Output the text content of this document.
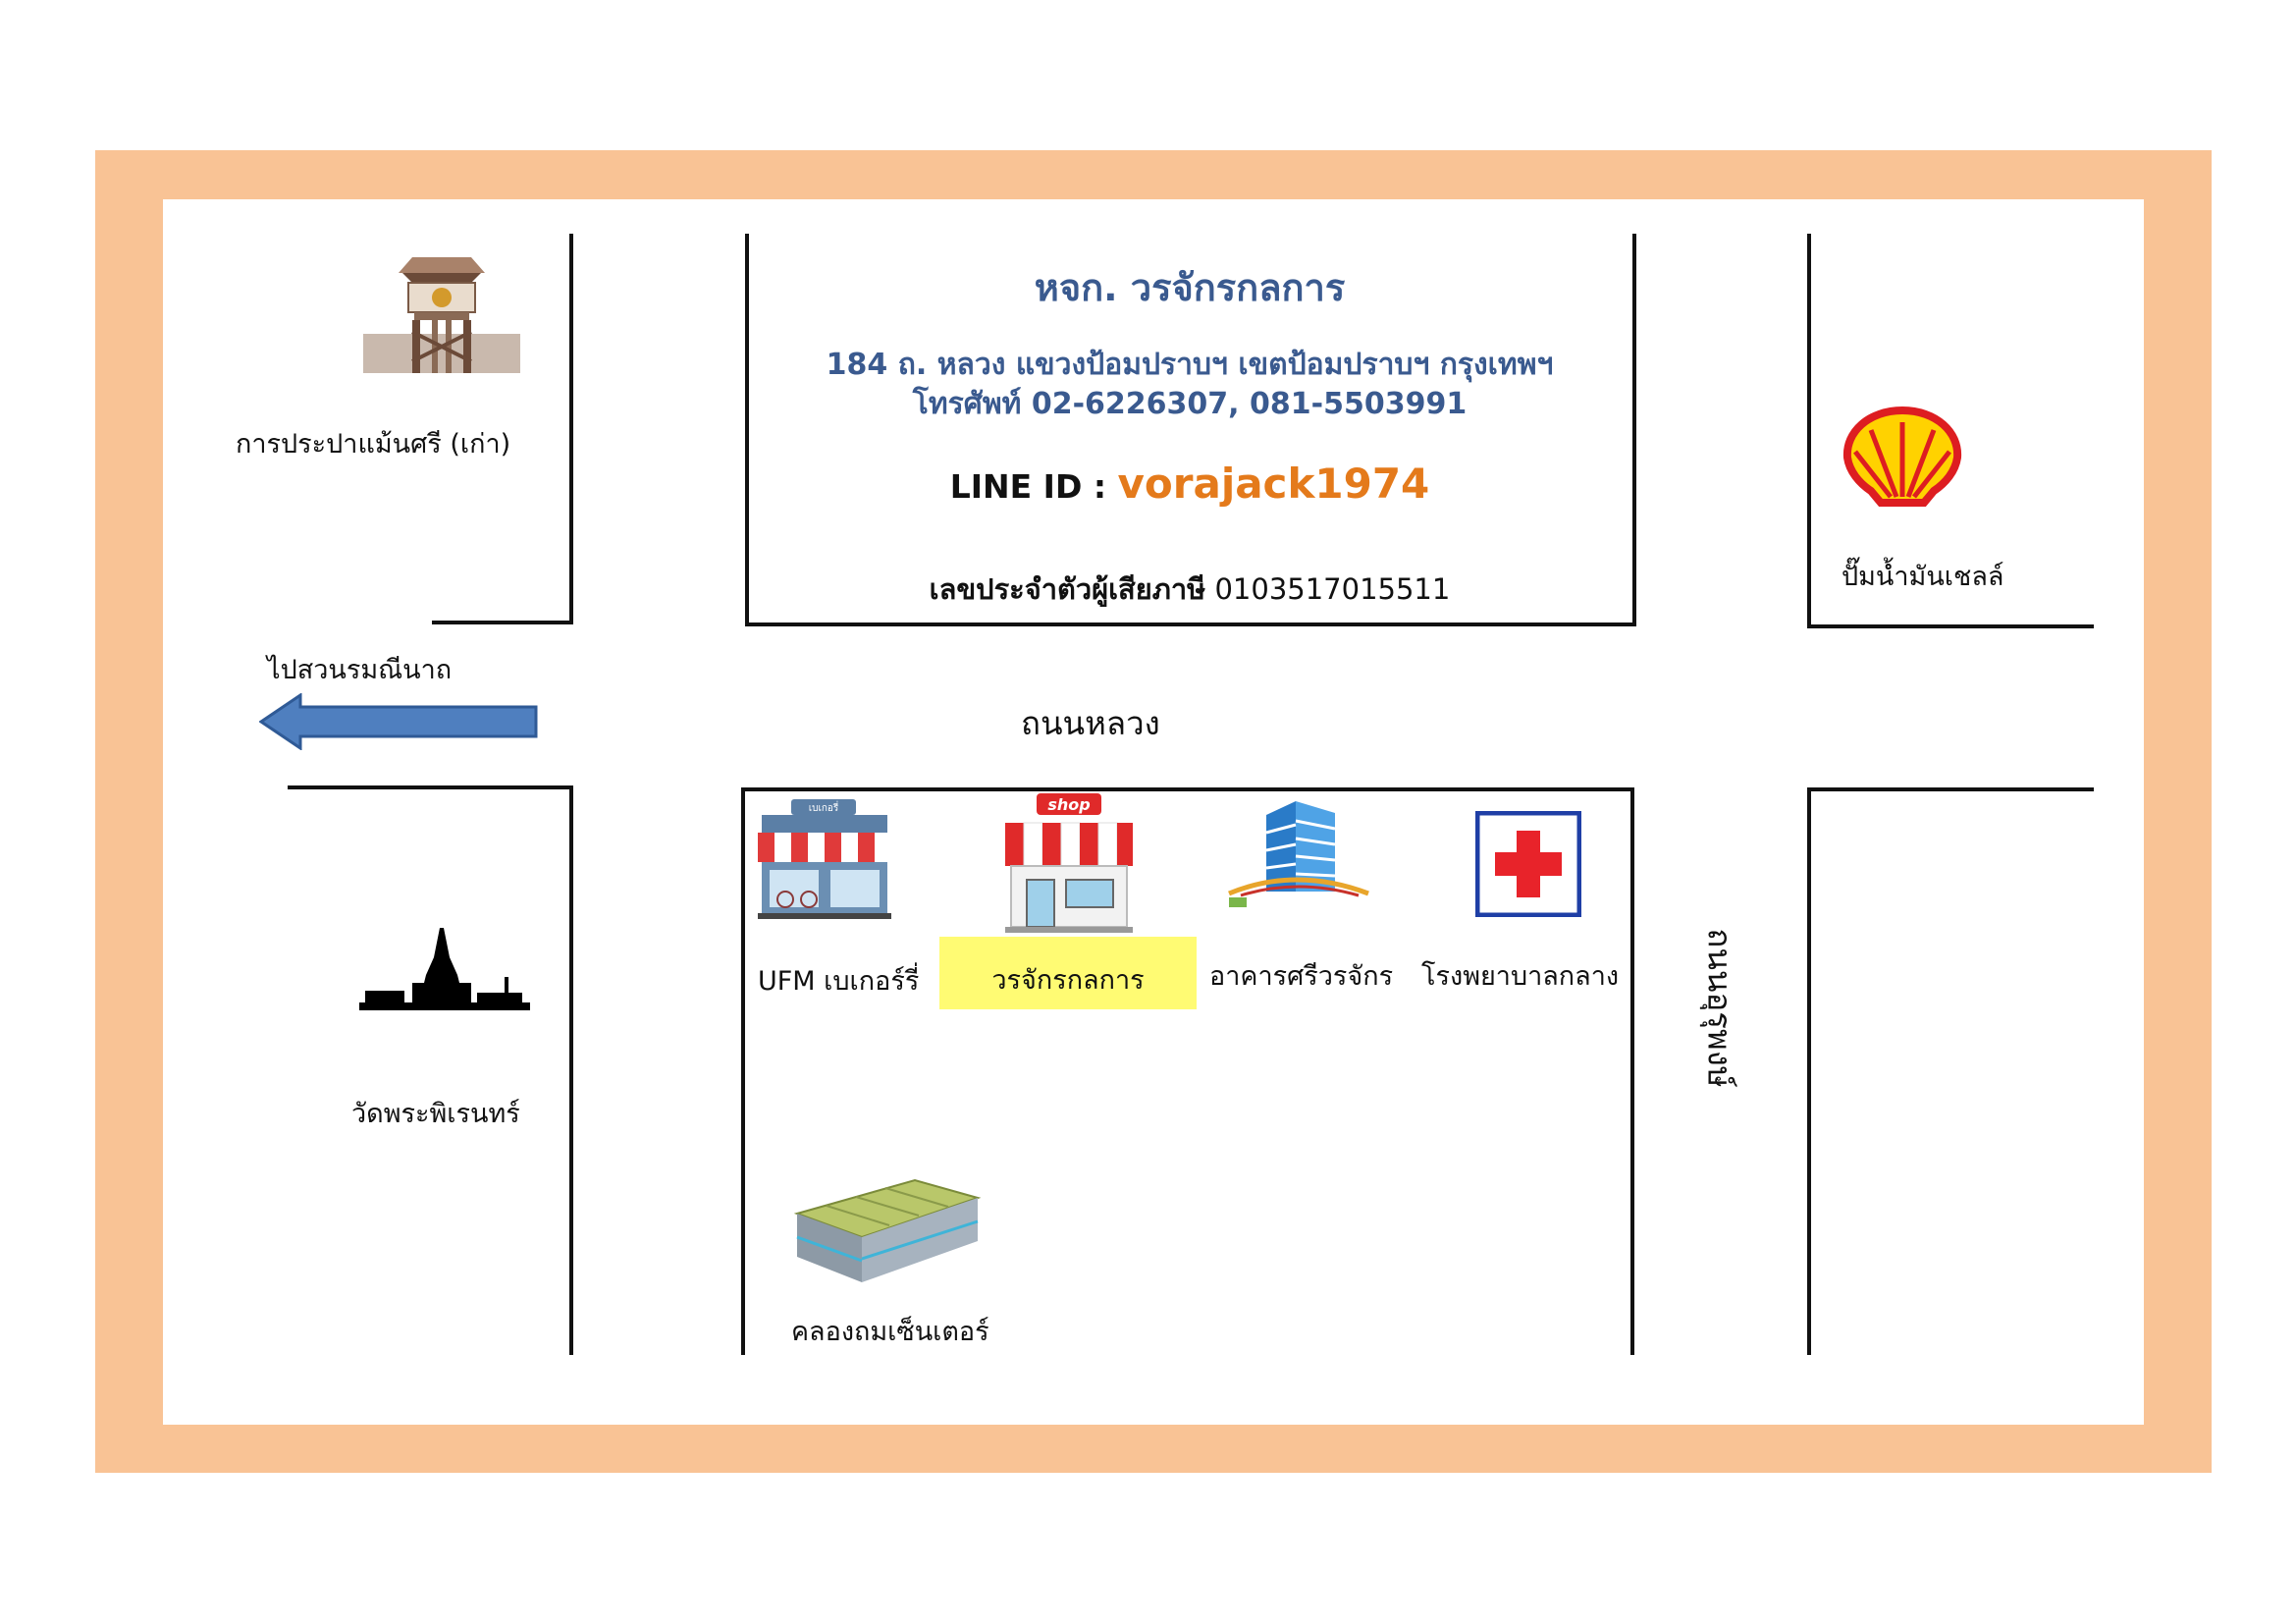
หจก. วรจักรกลการ
184 ถ. หลวง แขวงป้อมปราบฯ เขตป้อมปราบฯ กรุงเทพฯ
โทรศัพท์ 02-6226307, 081-5503991
LINE ID : vorajack1974
เลขประจำตัวผู้เสียภาษี 0103517015511
การประปาแม้นศรี (เก่า)
ปั๊มน้ำมันเชลล์
ไปสวนรมณีนาถ
ถนนหลวง
ถนนอุรุพงษ์
วัดพระพิเรนทร์
เบเกอรี่
UFM เบเกอร์รี่
shop
วรจักรกลการ	อาคารศรีวรจักร โรงพยาบาลกลาง
คลองถมเซ็นเตอร์
